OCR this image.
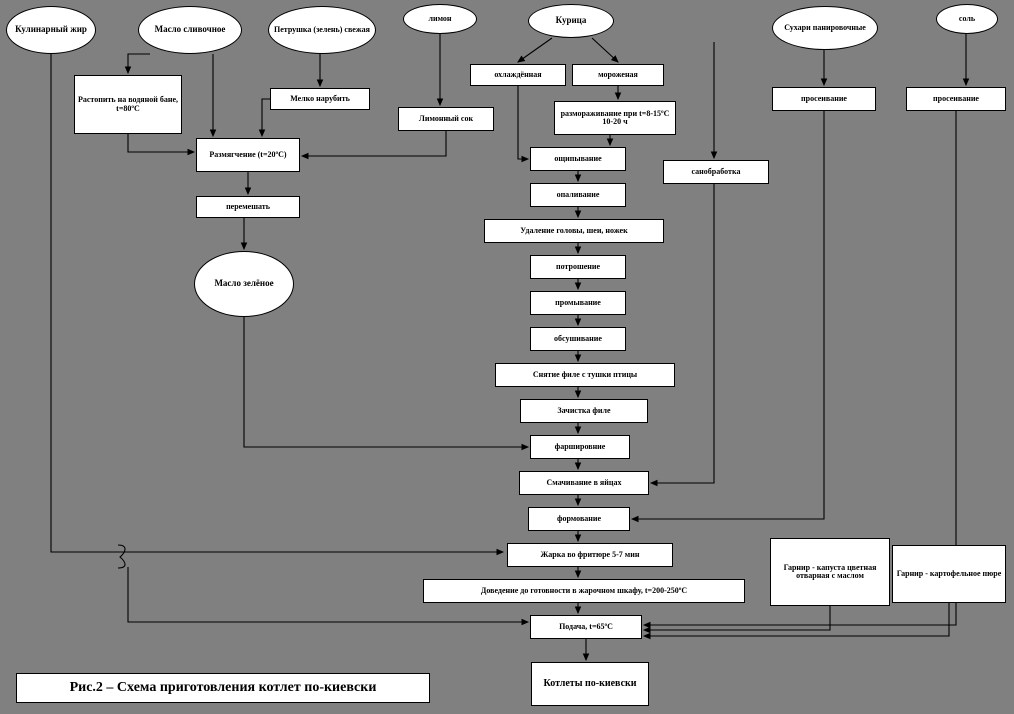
Кулинарный жир	Масло сливочное	Петрушка (зелень) свежая
лимон	Курица
Сухари панировочные
соль
Растопить на водяной бане, t=80ºС
Мелко нарубить
Лимонный сок
охлаждённая	мороженая
размораживание при t=8-15ºС 10-20 ч
просеивание	просеивание
Размягчение (t=20ºС)	ощипывание
санобработка
опаливание
перемешать
Удаление головы, шеи, ножек
потрошение
Масло зелёное
промывание
обсушивание
Снятие филе с тушки птицы
Зачистка филе
фаршировние
Смачивание в яйцах
формование
Жарка во фритюре 5-7 мин
Гарнир - капуста цветная отварная с маслом	Гарнир - картофельное пюре
Доведение до готовности в жарочном шкафу, t=200-250ºС
Подача, t=65ºС
Котлеты по-киевски
Рис.2 – Схема приготовления котлет по-киевски
